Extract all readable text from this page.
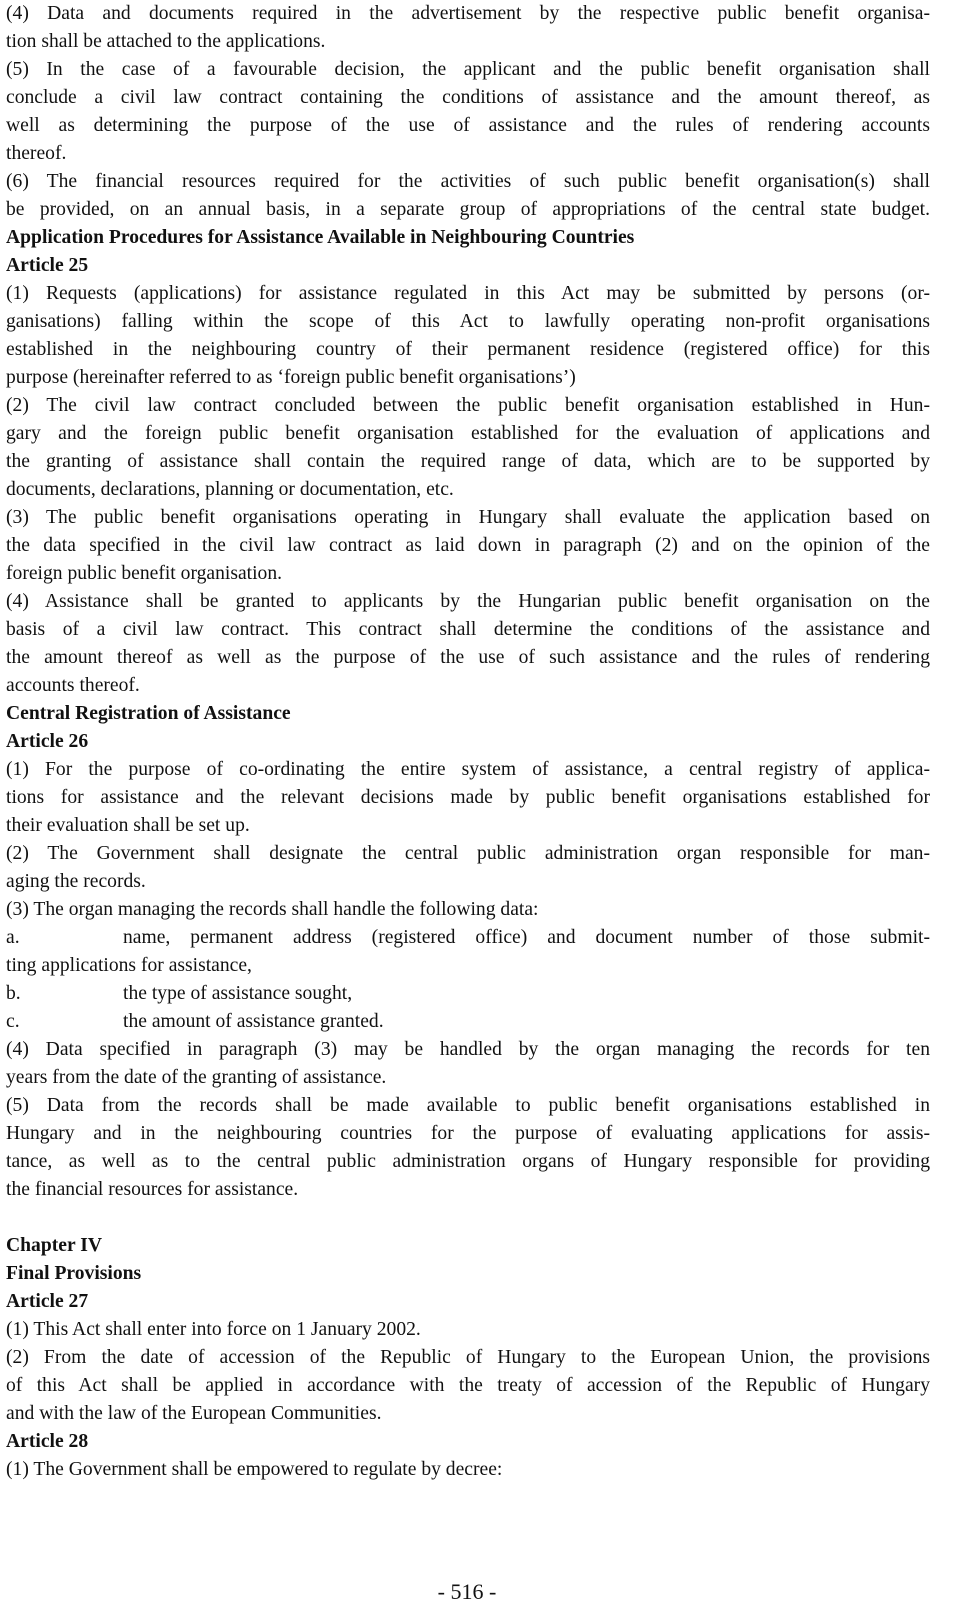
(4) Data and documents required in the advertisement by the respective public benefit organisa-
tion shall be attached to the applications.
(5) In the case of a favourable decision, the applicant and the public benefit organisation shall
conclude a civil law contract containing the conditions of assistance and the amount thereof, as
well as determining the purpose of the use of assistance and the rules of rendering accounts
thereof.
(6) The financial resources required for the activities of such public benefit organisation(s) shall
be provided, on an annual basis, in a separate group of appropriations of the central state budget.
Application Procedures for Assistance Available in Neighbouring Countries
Article 25
(1) Requests (applications) for assistance regulated in this Act may be submitted by persons (or-
ganisations) falling within the scope of this Act to lawfully operating non-profit organisations
established in the neighbouring country of their permanent residence (registered office) for this
purpose (hereinafter referred to as ‘foreign public benefit organisations’)
(2) The civil law contract concluded between the public benefit organisation established in Hun-
gary and the foreign public benefit organisation established for the evaluation of applications and
the granting of assistance shall contain the required range of data, which are to be supported by
documents, declarations, planning or documentation, etc.
(3) The public benefit organisations operating in Hungary shall evaluate the application based on
the data specified in the civil law contract as laid down in paragraph (2) and on the opinion of the
foreign public benefit organisation.
(4) Assistance shall be granted to applicants by the Hungarian public benefit organisation on the
basis of a civil law contract. This contract shall determine the conditions of the assistance and
the amount thereof as well as the purpose of the use of such assistance and the rules of rendering
accounts thereof.
Central Registration of Assistance
Article 26
(1) For the purpose of co-ordinating the entire system of assistance, a central registry of applica-
tions for assistance and the relevant decisions made by public benefit organisations established for
their evaluation shall be set up.
(2) The Government shall designate the central public administration organ responsible for man-
aging the records.
(3) The organ managing the records shall handle the following data:
a.	name, permanent address (registered office) and document number of those submit-
ting applications for assistance,
b.	the type of assistance sought,
c.	the amount of assistance granted.
(4) Data specified in paragraph (3) may be handled by the organ managing the records for ten
years from the date of the granting of assistance.
(5) Data from the records shall be made available to public benefit organisations established in
Hungary and in the neighbouring countries for the purpose of evaluating applications for assis-
tance, as well as to the central public administration organs of Hungary responsible for providing
the financial resources for assistance.
Chapter IV
Final Provisions
Article 27
(1) This Act shall enter into force on 1 January 2002.
(2) From the date of accession of the Republic of Hungary to the European Union, the provisions
of this Act shall be applied in accordance with the treaty of accession of the Republic of Hungary
and with the law of the European Communities.
Article 28
(1) The Government shall be empowered to regulate by decree:
- 516 -
